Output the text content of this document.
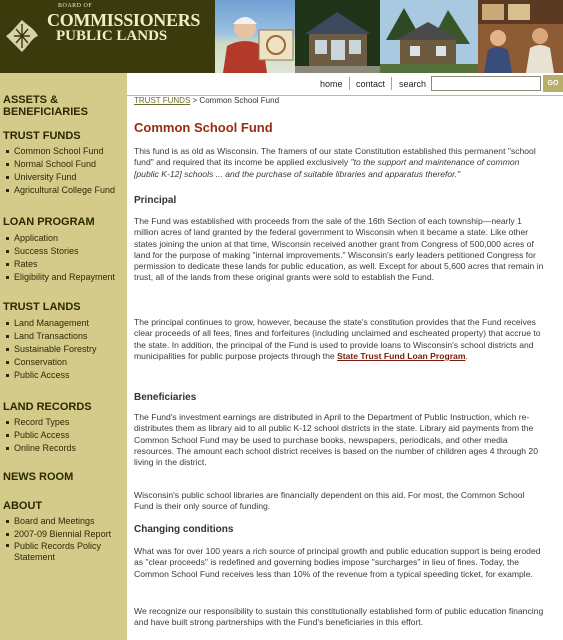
BOARD OF
COMMISSIONERS
PUBLIC LANDS
ASSETS & BENEFICIARIES
TRUST FUNDS
Common School Fund
Normal School Fund
University Fund
Agricultural College Fund
LOAN PROGRAM
Application
Success Stories
Rates
Eligibility and Repayment
TRUST LANDS
Land Management
Land Transactions
Sustainable Forestry
Conservation
Public Access
LAND RECORDS
Record Types
Public Access
Online Records
NEWS ROOM
ABOUT
Board and Meetings
2007-09 Biennial Report
Public Records Policy Statement
home contact search	GO
TRUST FUNDS > Common School Fund
Common School Fund

This fund is as old as Wisconsin. The framers of our state Constitution established this permanent "school fund" and required that its income be applied exclusively "to the support and maintenance of common [public K-12] schools ... and the purchase of suitable libraries and apparatus therefor."

Principal

The Fund was established with proceeds from the sale of the 16th Section of each township—nearly 1 million acres of land granted by the federal government to Wisconsin when it became a state. Like other states joining the union at that time, Wisconsin received another grant from Congress of 500,000 acres of land for the purpose of making "internal improvements." Wisconsin's early leaders petitioned Congress for permission to dedicate these lands for public education, as well. Except for about 5,600 acres that remain in trust, all of the lands from these original grants were sold to establish the Fund.

The principal continues to grow, however, because the state's constitution provides that the Fund receives clear proceeds of all fees, fines and forfeitures (including unclaimed and escheated property) that accrue to the state. In addition, the principal of the Fund is used to provide loans to Wisconsin's school districts and municipalities for public purpose projects through the State Trust Fund Loan Program.

Beneficiaries

The Fund's investment earnings are distributed in April to the Department of Public Instruction, which re-distributes them as library aid to all public K-12 school districts in the state. Library aid payments from the Common School Fund may be used to purchase books, newspapers, periodicals, and other media resources. The amount each school district receives is based on the number of children ages 4 through 20 living in the district.

Wisconsin's public school libraries are financially dependent on this aid. For most, the Common School Fund is their only source of funding.

Changing conditions

What was for over 100 years a rich source of principal growth and public education support is being eroded as "clear proceeds" is redefined and governing bodies impose "surcharges" in lieu of fines. Today, the Common School Fund receives less than 10% of the revenue from a typical speeding ticket, for example.

We recognize our responsibility to sustain this constitutionally established form of public education financing and have built strong partnerships with the Fund's beneficiaries in this effort.
